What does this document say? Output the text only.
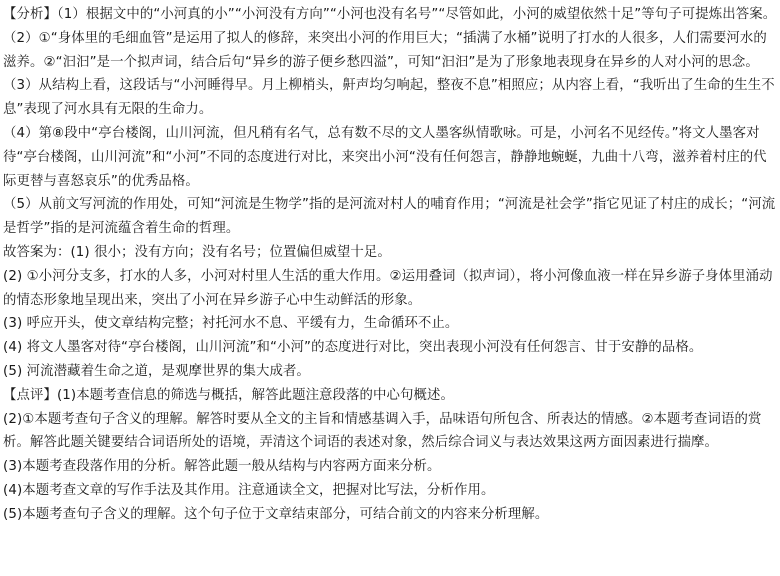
【分析】（1）根据文中的“小河真的小”“小河没有方向”“小河也没有名号”“尽管如此，小河的威望依然十足”等句子可提炼出答案。

（2）①“身体里的毛细血管”是运用了拟人的修辞，来突出小河的作用巨大；“插满了水桶”说明了打水的人很多，人们需要河水的滋养。②“汩汩”是一个拟声词，结合后句“异乡的游子便乡愁四溢”，可知“汩汩”是为了形象地表现身在异乡的人对小河的思念。

（3）从结构上看，这段话与“小河睡得早。月上柳梢头，鼾声均匀响起，整夜不息”相照应；从内容上看，“我听出了生命的生生不息”表现了河水具有无限的生命力。

（4）第⑧段中“亭台楼阁，山川河流，但凡稍有名气，总有数不尽的文人墨客纵情歌咏。可是，小河名不见经传。”将文人墨客对待“亭台楼阁，山川河流”和“小河”不同的态度进行对比，来突出小河“没有任何怨言，静静地蜿蜒，九曲十八弯，滋养着村庄的代际更替与喜怒哀乐”的优秀品格。

（5）从前文写河流的作用处，可知“河流是生物学”指的是河流对村人的哺育作用；“河流是社会学”指它见证了村庄的成长；“河流是哲学”指的是河流蕴含着生命的哲理。

故答案为：(1) 很小；没有方向；没有名号；位置偏但威望十足。

(2) ①小河分支多，打水的人多，小河对村里人生活的重大作用。②运用叠词（拟声词），将小河像血液一样在异乡游子身体里涌动的情态形象地呈现出来，突出了小河在异乡游子心中生动鲜活的形象。

(3) 呼应开头，使文章结构完整；衬托河水不息、平缓有力，生命循环不止。

(4) 将文人墨客对待“亭台楼阁，山川河流”和“小河”的态度进行对比，突出表现小河没有任何怨言、甘于安静的品格。

(5) 河流潜藏着生命之道，是观摩世界的集大成者。

【点评】(1)本题考查信息的筛选与概括，解答此题注意段落的中心句概述。

(2)①本题考查句子含义的理解。解答时要从全文的主旨和情感基调入手，品味语句所包含、所表达的情感。②本题考查词语的赏析。解答此题关键要结合词语所处的语境，弄清这个词语的表述对象，然后综合词义与表达效果这两方面因素进行揣摩。

(3)本题考查段落作用的分析。解答此题一般从结构与内容两方面来分析。

(4)本题考查文章的写作手法及其作用。注意通读全文，把握对比写法，分析作用。

(5)本题考查句子含义的理解。这个句子位于文章结束部分，可结合前文的内容来分析理解。
